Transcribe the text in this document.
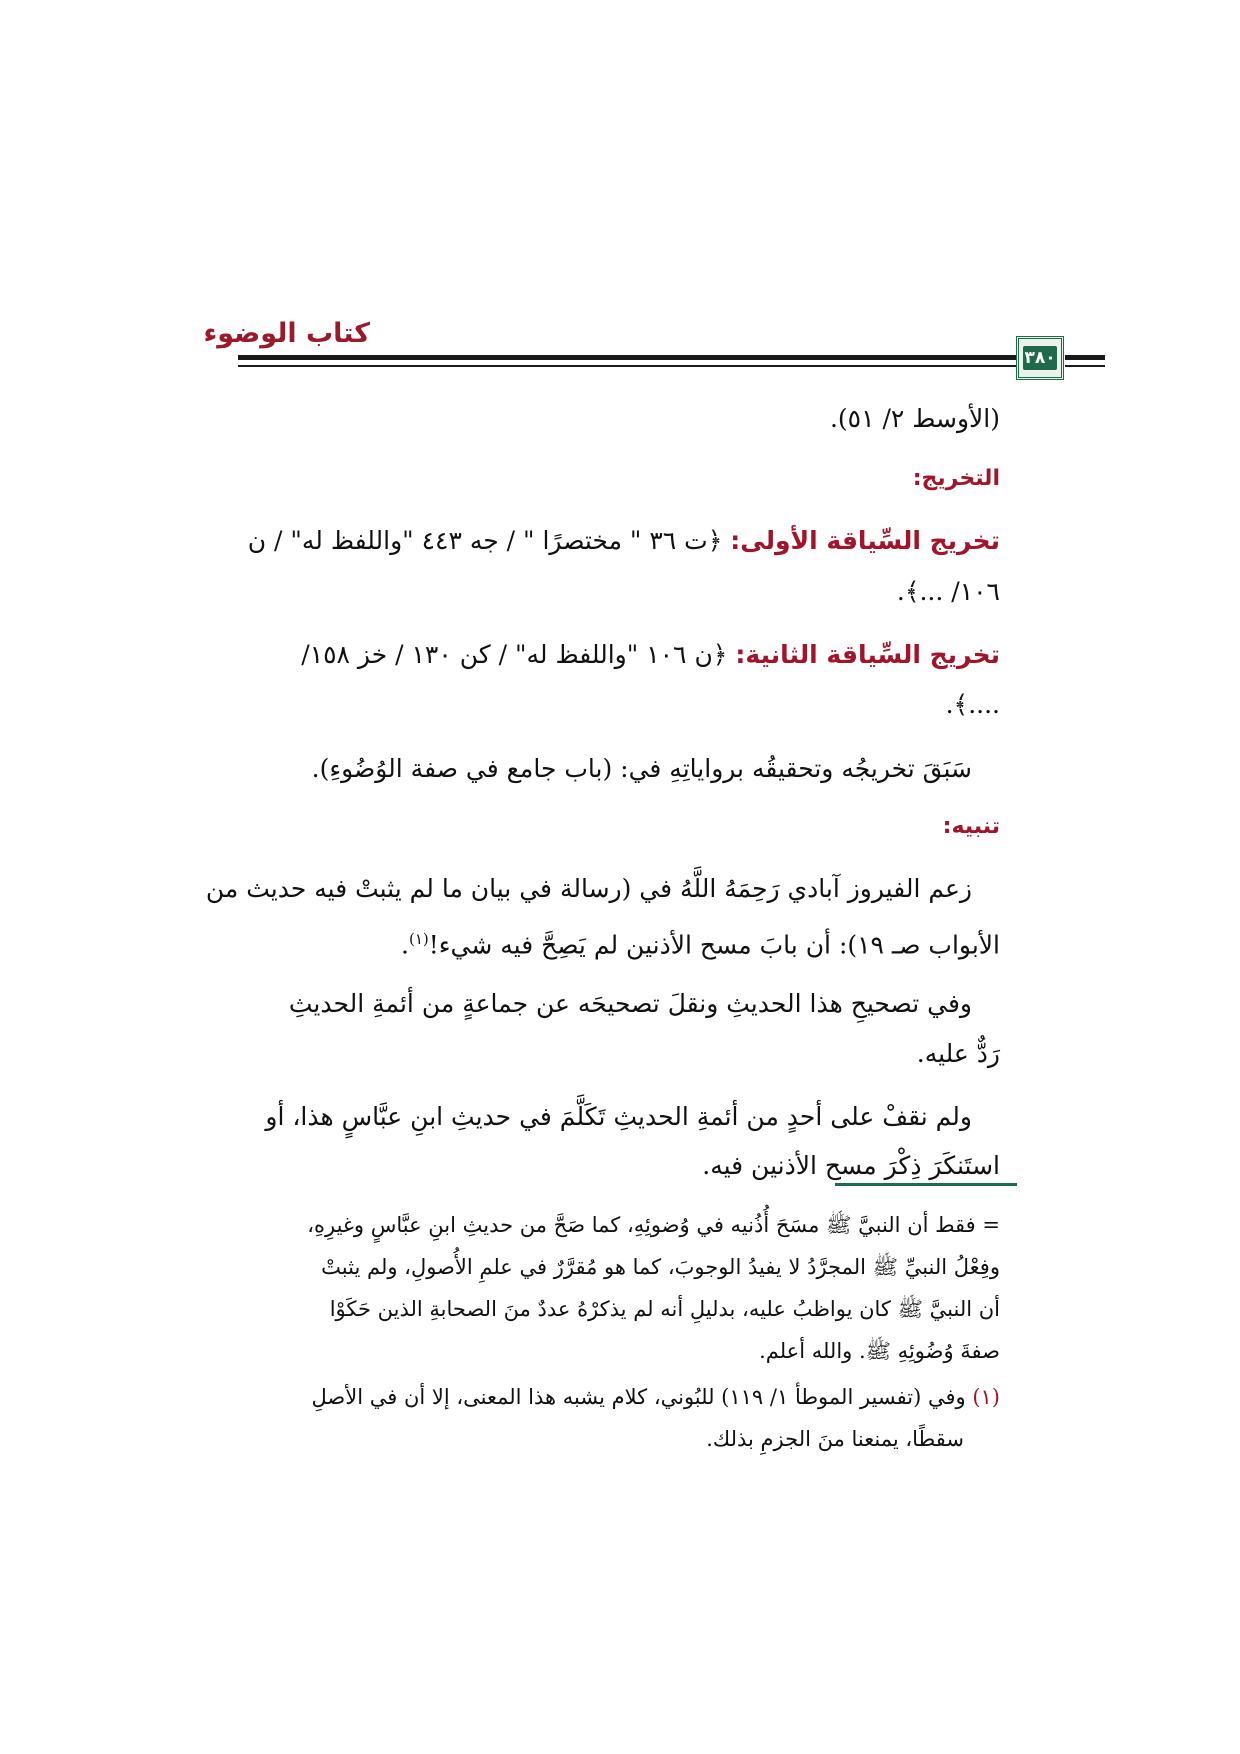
كتاب الوضوء
٣٨٠
(الأوسط ٢/ ٥١).
التخريج:
تخريج السِّياقة الأولى: ﴿ت ٣٦ " مختصرًا " / جه ٤٤٣ "واللفظ له" / ن
١٠٦/ ...﴾.
تخريج السِّياقة الثانية: ﴿ن ١٠٦ "واللفظ له" / كن ١٣٠ / خز ١٥٨/
....﴾.
سَبَقَ تخريجُه وتحقيقُه برواياتِهِ في: (باب جامع في صفة الوُضُوءِ).
تنبيه:
زعم الفيروز آبادي رَحِمَهُ اللَّهُ في (رسالة في بيان ما لم يثبتْ فيه حديث من
الأبواب صـ ١٩): أن بابَ مسح الأذنين لم يَصِحَّ فيه شيء!$^{(١)}$.
وفي تصحيحِ هذا الحديثِ ونقلَ تصحيحَه عن جماعةٍ من أئمةِ الحديثِ
رَدٌّ عليه.
ولم نقفْ على أحدٍ من أئمةِ الحديثِ تَكَلَّمَ في حديثِ ابنِ عبَّاسٍ هذا، أو
استَنكَرَ ذِكْرَ مسح الأذنين فيه.
= فقط أن النبيَّ ﷺ مسَحَ أُذُنيه في وُضوئِهِ، كما صَحَّ من حديثِ ابنِ عبَّاسٍ وغيرِهِ،
وفِعْلُ النبيِّ ﷺ المجرَّدُ لا يفيدُ الوجوبَ، كما هو مُقرَّرٌ في علمِ الأُصولِ، ولم يثبتْ
أن النبيَّ ﷺ كان يواظبُ عليه، بدليلِ أنه لم يذكرْهُ عددٌ منَ الصحابةِ الذين حَكَوْا
صفةَ وُضُوئِهِ ﷺ. والله أعلم.
(١) وفي (تفسير الموطأ ١/ ١١٩) للبُوني، كلام يشبه هذا المعنى، إلا أن في الأصلِ
سقطًا، يمنعنا منَ الجزمِ بذلك.
